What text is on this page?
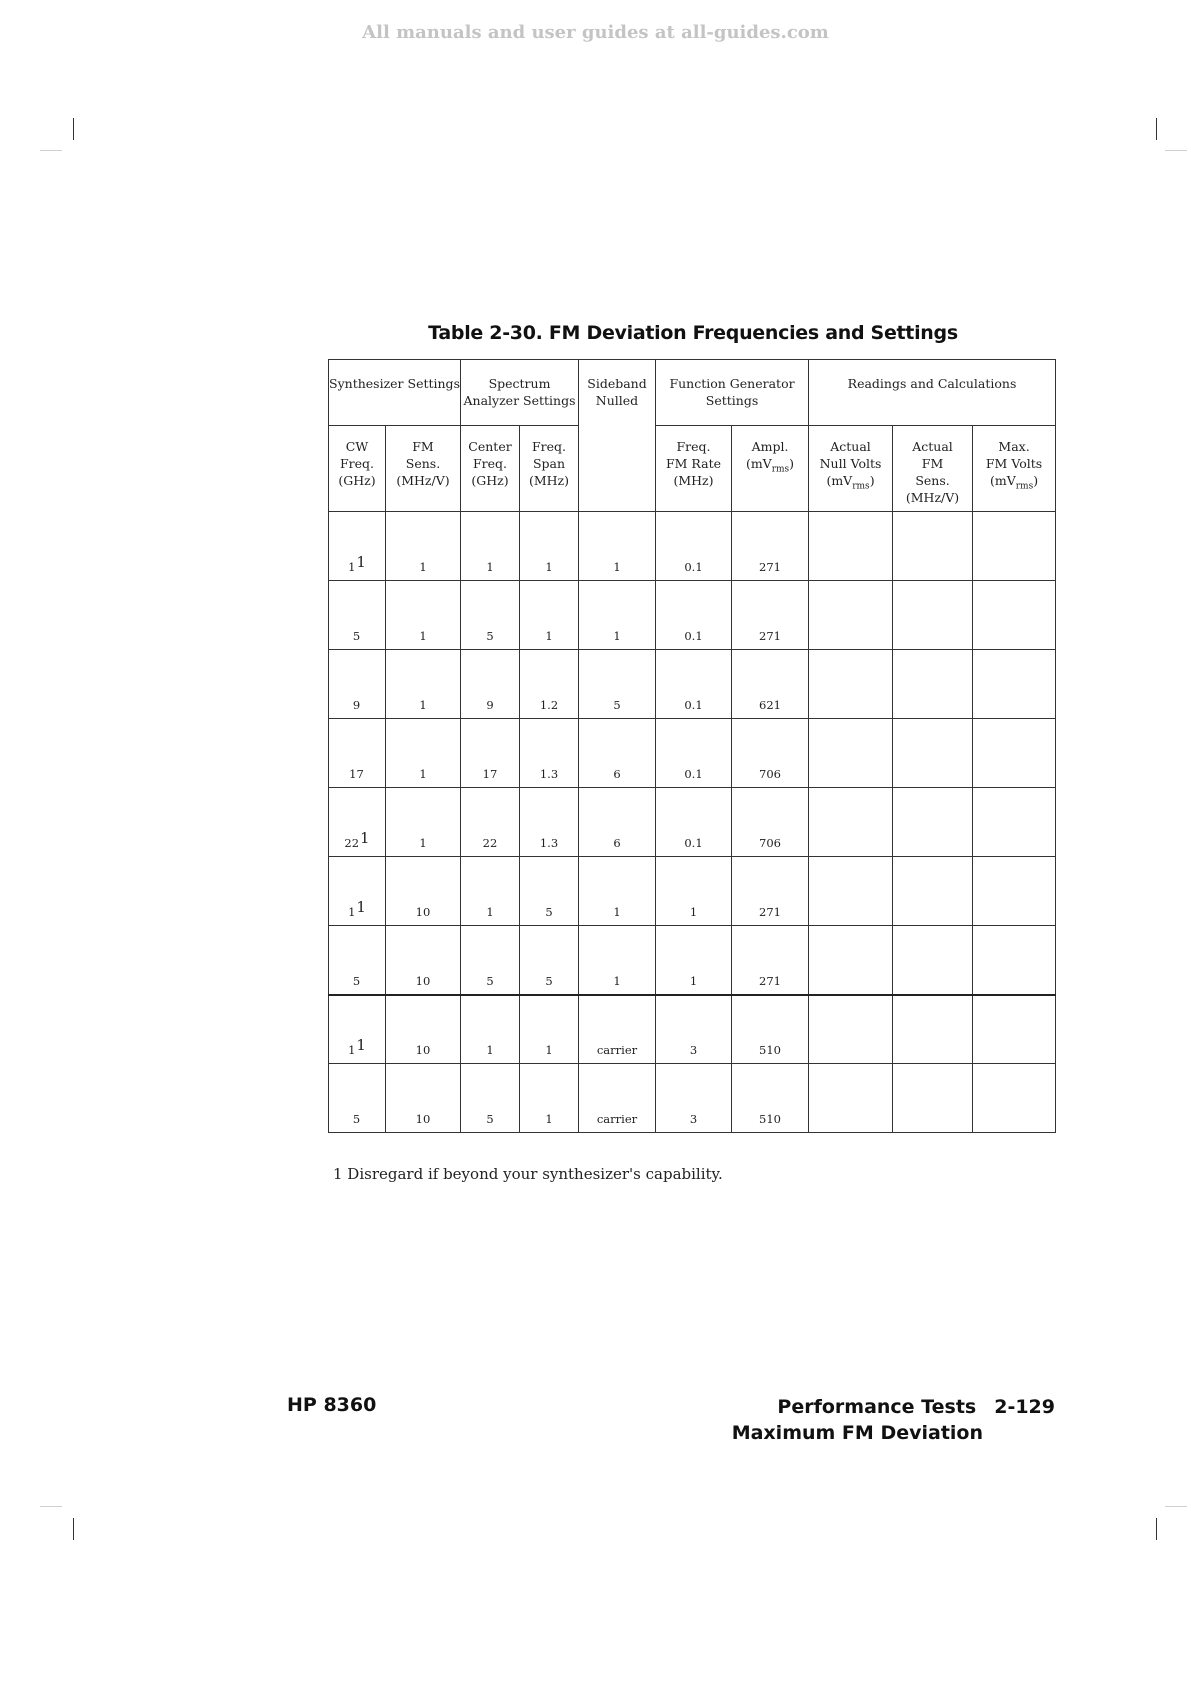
All manuals and user guides at all-guides.com
Table 2-30. FM Deviation Frequencies and Settings
Synthesizer Settings		Spectrum Analyzer Settings		Sideband Nulled	Function Generator Settings		Readings and Calculations		
CW
Freq.
(GHz)	FM
Sens.
(MHz/V)	Center
Freq.
(GHz)	Freq.
Span
(MHz)		Freq.
FM Rate
(MHz)	Ampl.
$(mV_{rms})$	Actual
Null Volts
$(mV_{rms})$	Actual
FM
Sens.
(MHz/V)	Max.
FM Volts
$(mV_{rms})$
1$^1$	1	1	1	1	0.1	271			
5	1	5	1	1	0.1	271			
9	1	9	1.2	5	0.1	621			
17	1	17	1.3	6	0.1	706			
22$^1$	1	22	1.3	6	0.1	706			
1$^1$	10	1	5	1	1	271			
5	10	5	5	1	1	271			
1$^1$	10	1	1	carrier	3	510			
5	10	5	1	carrier	3	510			
1 Disregard if beyond your synthesizer's capability.
HP 8360	Performance Tests 2-129
Maximum FM Deviation
